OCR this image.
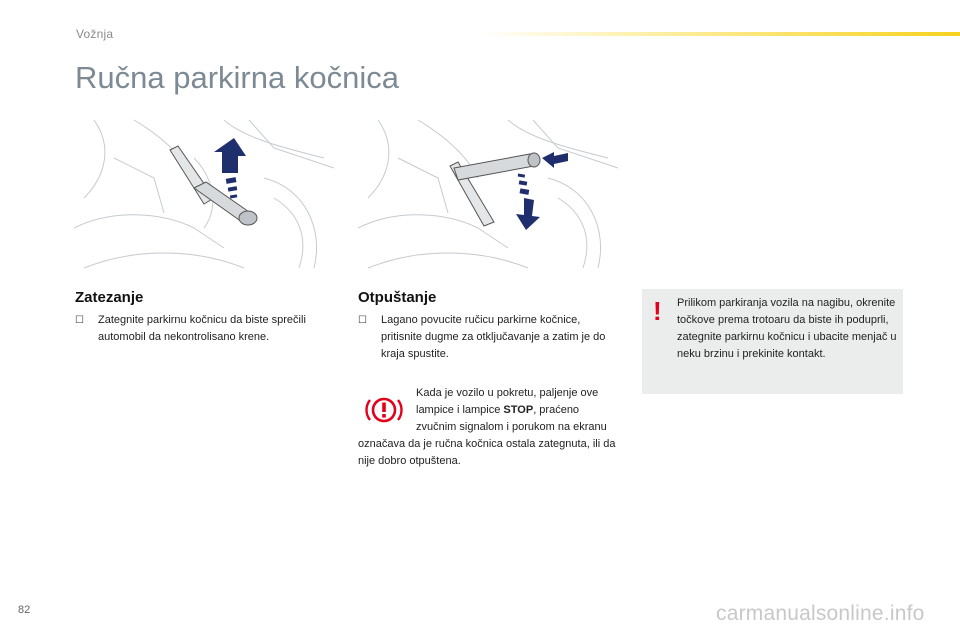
Vožnja
Ručna parkirna kočnica
Zatezanje
☐ Zategnite parkirnu kočnicu da biste sprečili automobil da nekontrolisano krene.
Otpuštanje
☐ Lagano povucite ručicu parkirne kočnice, pritisnite dugme za otključavanje a zatim je do kraja spustite.
Kada je vozilo u pokretu, paljenje ove lampice i lampice STOP, praćeno zvučnim signalom i porukom na ekranu označava da je ručna kočnica ostala zategnuta, ili da nije dobro otpuštena.
! Prilikom parkiranja vozila na nagibu, okrenite točkove prema trotoaru da biste ih poduprli, zategnite parkirnu kočnicu i ubacite menjač u neku brzinu i prekinite kontakt.
82	carmanualsonline.info
